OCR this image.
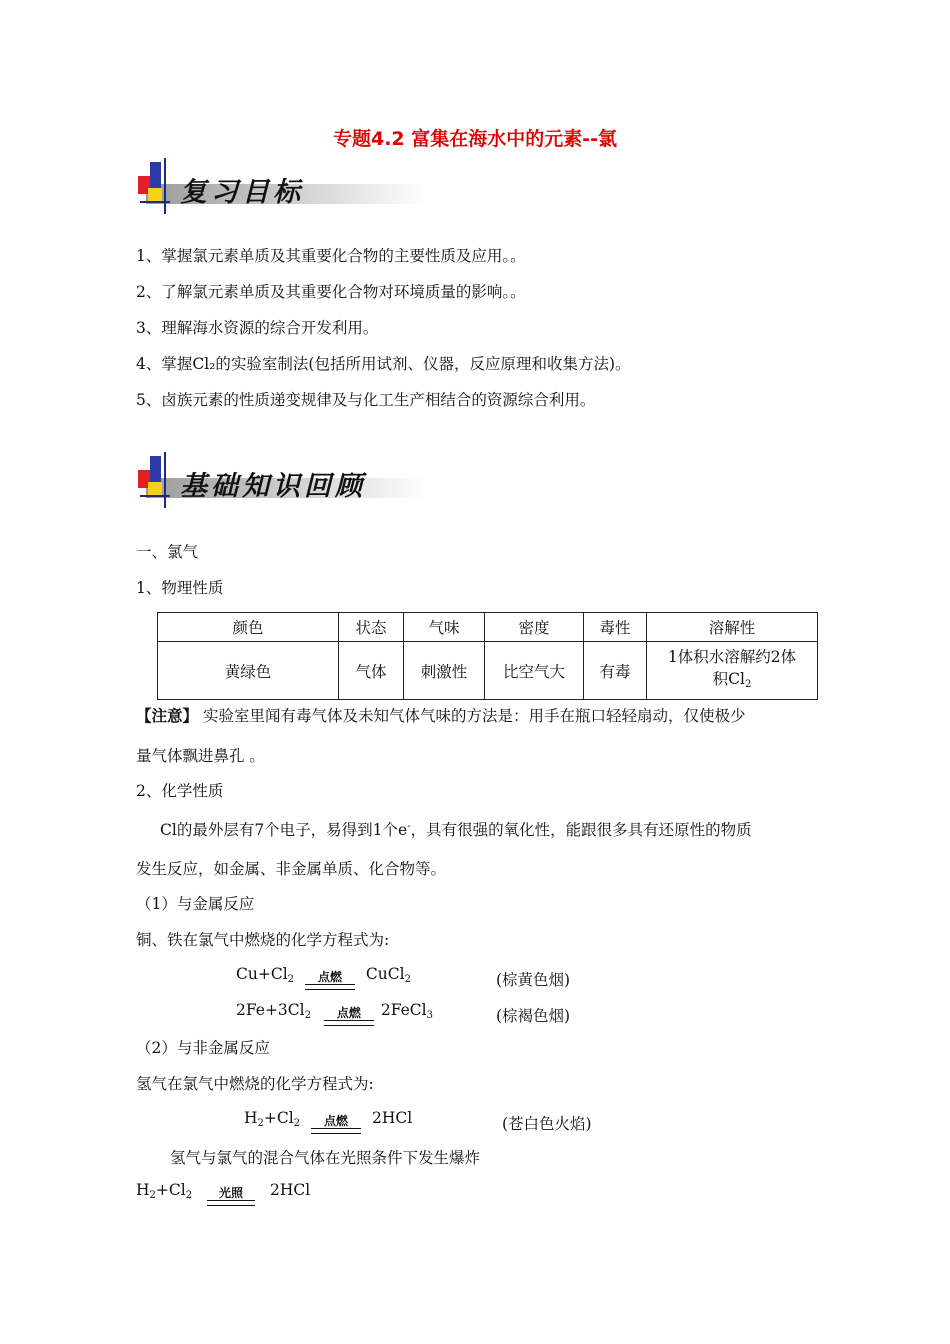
专题4.2 富集在海水中的元素--氯
复习目标
1、掌握氯元素单质及其重要化合物的主要性质及应用。。
2、了解氯元素单质及其重要化合物对环境质量的影响。。
3、理解海水资源的综合开发利用。
4、掌握Cl₂的实验室制法(包括所用试剂、仪器，反应原理和收集方法)。
5、卤族元素的性质递变规律及与化工生产相结合的资源综合利用。
基础知识回顾
一、氯气
1、物理性质
颜色	状态	气味	密度	毒性	溶解性
黄绿色	气体	刺激性	比空气大	有毒	1体积水溶解约2体
积$Cl_2$
【注意】 实验室里闻有毒气体及未知气体气味的方法是：用手在瓶口轻轻扇动，仅使极少
量气体飘进鼻孔 。
2、化学性质
Cl的最外层有7个电子，易得到1个e-，具有很强的氧化性，能跟很多具有还原性的物质
发生反应，如金属、非金属单质、化合物等。
（1）与金属反应
铜、铁在氯气中燃烧的化学方程式为:
$Cu+Cl_2$	点燃	CuCl$_2$	(棕黄色烟)
$2Fe+3Cl_2$	点燃	2FeCl$_3$	(棕褐色烟)
（2）与非金属反应
氢气在氯气中燃烧的化学方程式为:
$H_2+Cl_2$	点燃	2HCl	(苍白色火焰)
氢气与氯气的混合气体在光照条件下发生爆炸
$H_2+Cl_2$	光照	2HCl
